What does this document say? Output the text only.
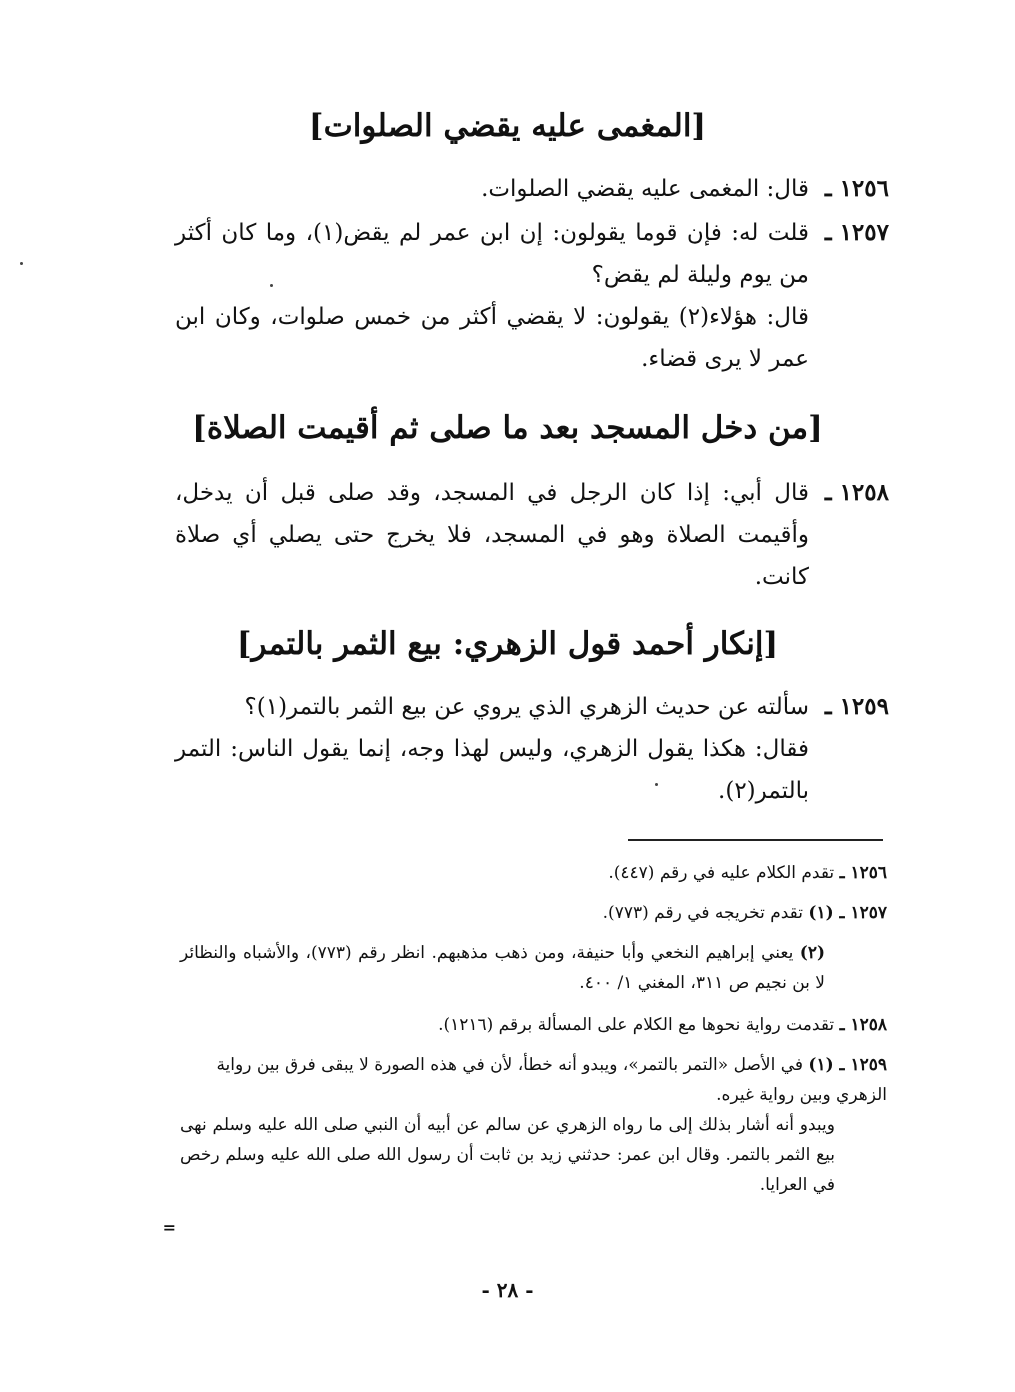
[المغمى عليه يقضي الصلوات]
١٢٥٦ ـ
قال: المغمى عليه يقضي الصلوات.
١٢٥٧ ـ
قلت له: فإن قوما يقولون: إن ابن عمر لم يقض(١)، وما كان أكثر من يوم وليلة لم يقض؟
قال: هؤلاء(٢) يقولون: لا يقضي أكثر من خمس صلوات، وكان ابن عمر لا يرى قضاء.
[من دخل المسجد بعد ما صلى ثم أقيمت الصلاة]
١٢٥٨ ـ
قال أبي: إذا كان الرجل في المسجد، وقد صلى قبل أن يدخل، وأقيمت الصلاة وهو في المسجد، فلا يخرج حتى يصلي أي صلاة كانت.
[إنكار أحمد قول الزهري: بيع الثمر بالتمر]
١٢٥٩ ـ
سألته عن حديث الزهري الذي يروي عن بيع الثمر بالتمر(١)؟
فقال: هكذا يقول الزهري، وليس لهذا وجه، إنما يقول الناس: التمر بالتمر(٢).
١٢٥٦ ـ تقدم الكلام عليه في رقم (٤٤٧).
١٢٥٧ ـ (١) تقدم تخريجه في رقم (٧٧٣).
(٢) يعني إبراهيم النخعي وأبا حنيفة، ومن ذهب مذهبهم. انظر رقم (٧٧٣)، والأشباه والنظائر لا بن نجيم ص ٣١١، المغني ١/ ٤٠٠.
١٢٥٨ ـ تقدمت رواية نحوها مع الكلام على المسألة برقم (١٢١٦).
١٢٥٩ ـ (١) في الأصل «التمر بالتمر»، ويبدو أنه خطأ، لأن في هذه الصورة لا يبقى فرق بين رواية الزهري وبين رواية غيره.
ويبدو أنه أشار بذلك إلى ما رواه الزهري عن سالم عن أبيه أن النبي صلى الله عليه وسلم نهى بيع الثمر بالتمر. وقال ابن عمر: حدثني زيد بن ثابت أن رسول الله صلى الله عليه وسلم رخص في العرايا.
=
- ٢٨ -
